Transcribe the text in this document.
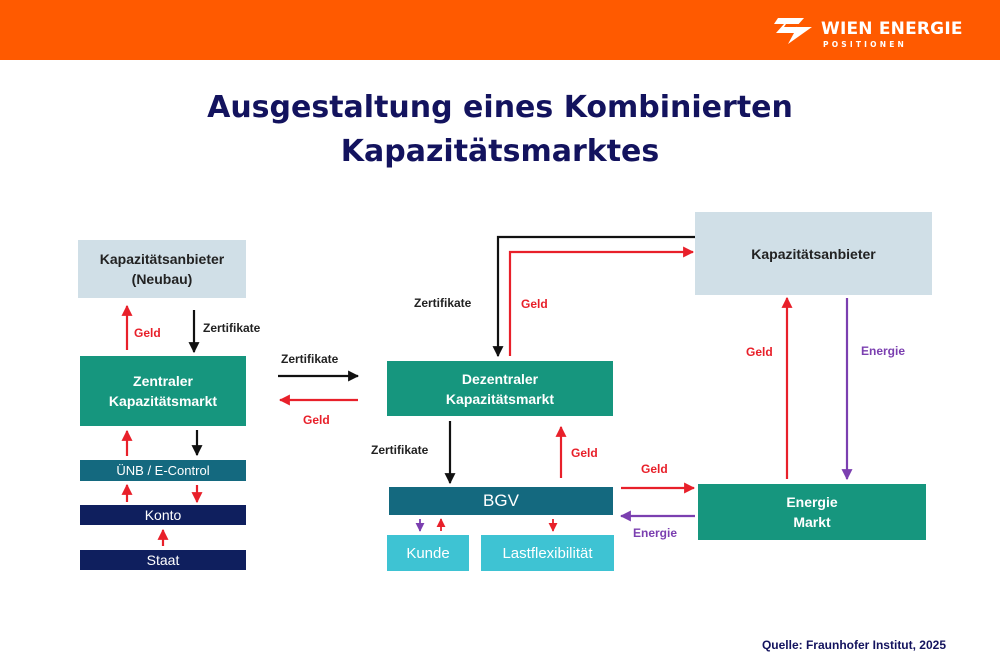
WIEN ENERGIE
POSITIONEN
Ausgestaltung eines Kombinierten
Kapazitätsmarktes
Kapazitätsanbieter
(Neubau)
Zentraler
Kapazitätsmarkt
ÜNB / E-Control
Konto
Staat
Dezentraler
Kapazitätsmarkt
BGV
Kunde	Lastflexibilität
Kapazitätsanbieter
Energie
Markt
Geld	Zertifikate
Zertifikate
Geld
Zertifikate	Geld
Zertifikate	Geld
Geld
Energie
Geld	Energie
Quelle: Fraunhofer Institut, 2025
